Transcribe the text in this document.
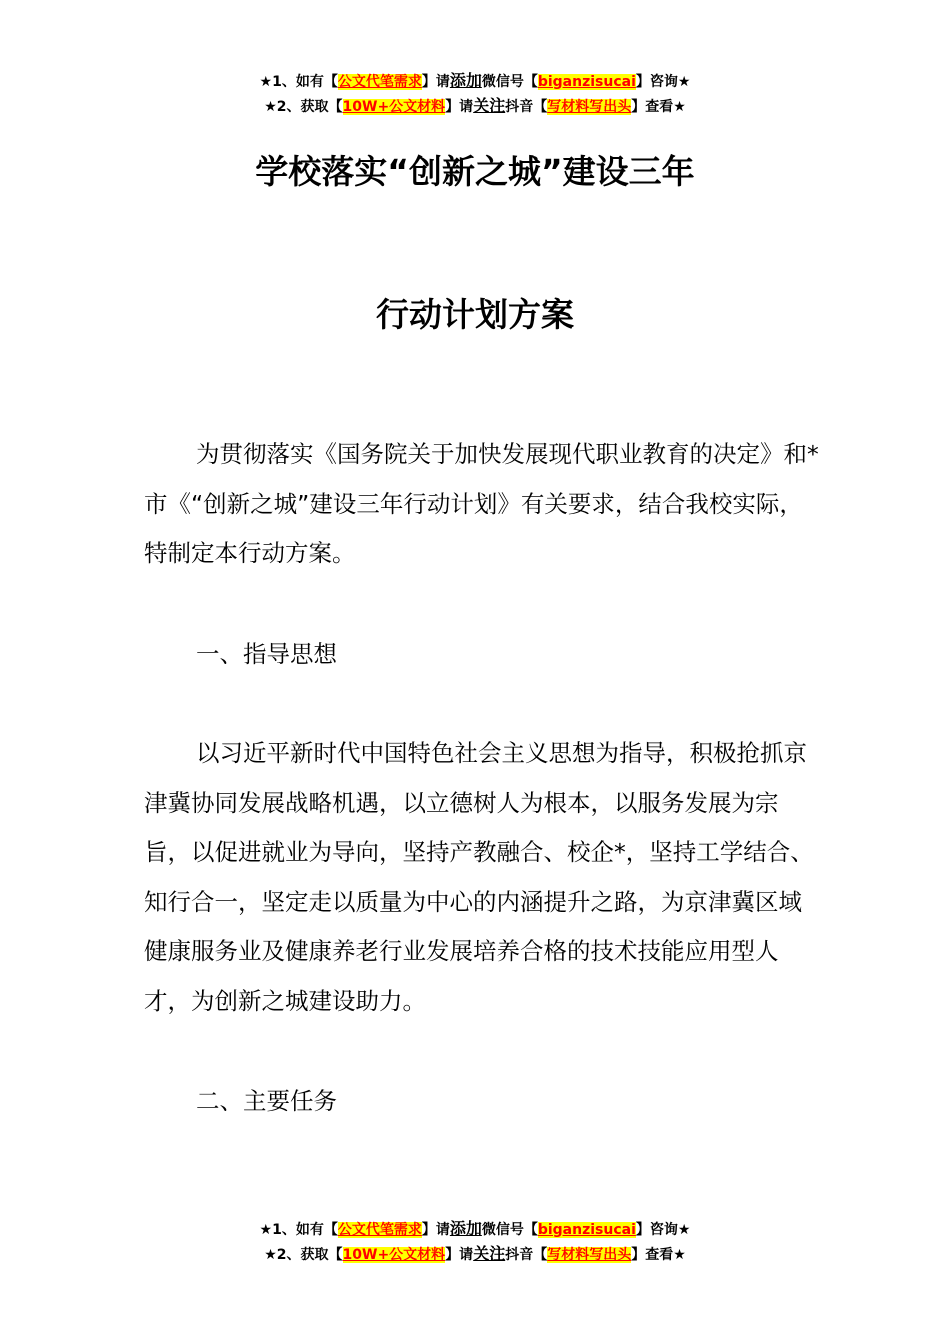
★1、如有【公文代笔需求】请添加微信号【biganzisucai】咨询★
★2、获取【10W+公文材料】请关注抖音【写材料写出头】查看★
学校落实“创新之城”建设三年
行动计划方案

为贯彻落实《国务院关于加快发展现代职业教育的决定》和*市《“创新之城”建设三年行动计划》有关要求，结合我校实际，特制定本行动方案。

一、指导思想

以习近平新时代中国特色社会主义思想为指导，积极抢抓京津冀协同发展战略机遇，以立德树人为根本，以服务发展为宗旨，以促进就业为导向，坚持产教融合、校企*，坚持工学结合、知行合一，坚定走以质量为中心的内涵提升之路，为京津冀区域健康服务业及健康养老行业发展培养合格的技术技能应用型人才，为创新之城建设助力。

二、主要任务

★1、如有【公文代笔需求】请添加微信号【biganzisucai】咨询★
★2、获取【10W+公文材料】请关注抖音【写材料写出头】查看★
